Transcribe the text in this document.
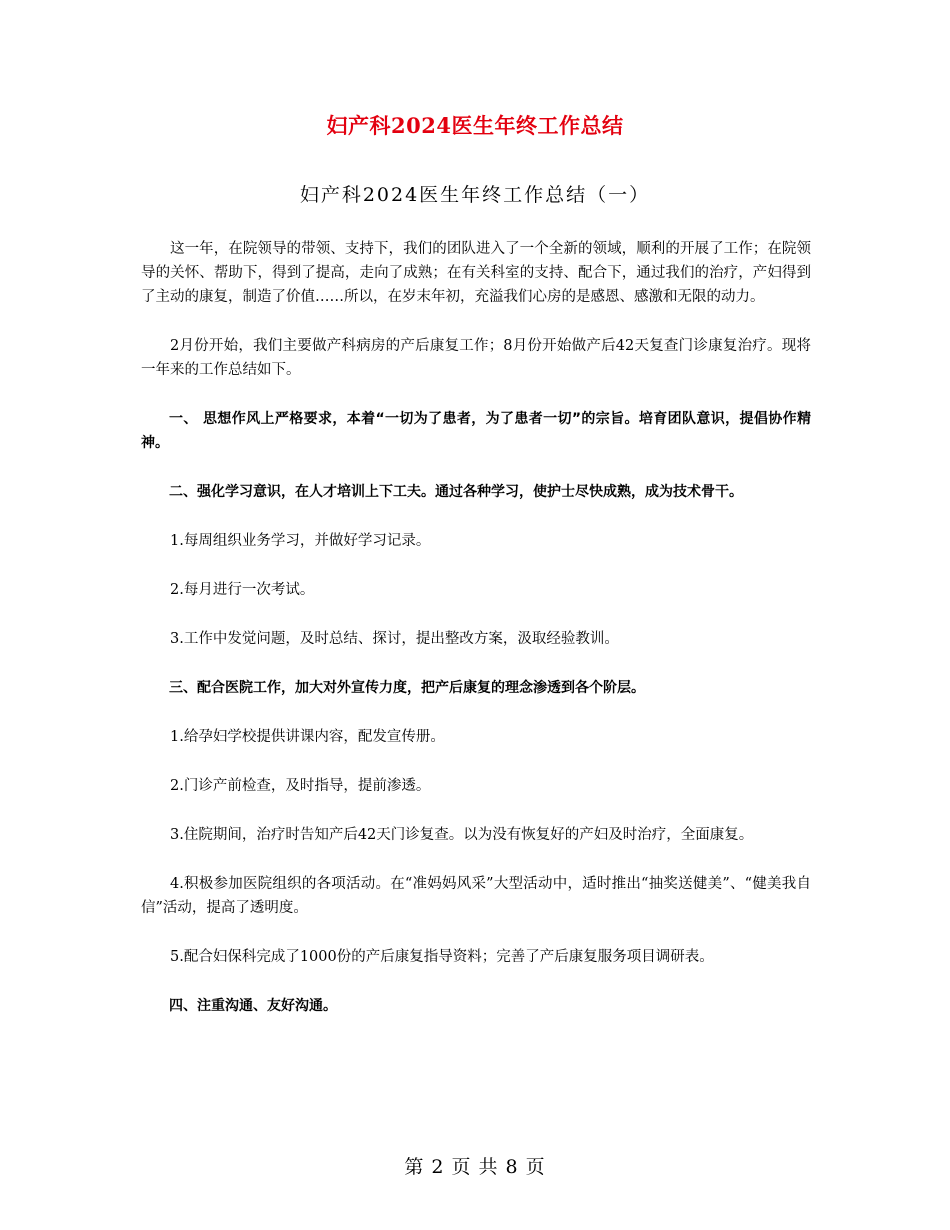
妇产科2024医生年终工作总结
妇产科2024医生年终工作总结（一）

这一年，在院领导的带领、支持下，我们的团队进入了一个全新的领域，顺利的开展了工作；在院领导的关怀、帮助下，得到了提高，走向了成熟；在有关科室的支持、配合下，通过我们的治疗，产妇得到了主动的康复，制造了价值……所以，在岁末年初，充溢我们心房的是感恩、感激和无限的动力。

2月份开始，我们主要做产科病房的产后康复工作；8月份开始做产后42天复查门诊康复治疗。现将一年来的工作总结如下。

一、 思想作风上严格要求，本着“一切为了患者，为了患者一切”的宗旨。培育团队意识，提倡协作精神。

二、强化学习意识，在人才培训上下工夫。通过各种学习，使护士尽快成熟，成为技术骨干。

1.每周组织业务学习，并做好学习记录。

2.每月进行一次考试。

3.工作中发觉问题，及时总结、探讨，提出整改方案，汲取经验教训。

三、配合医院工作，加大对外宣传力度，把产后康复的理念渗透到各个阶层。

1.给孕妇学校提供讲课内容，配发宣传册。

2.门诊产前检查，及时指导，提前渗透。

3.住院期间，治疗时告知产后42天门诊复查。以为没有恢复好的产妇及时治疗，全面康复。

4.积极参加医院组织的各项活动。在“准妈妈风采”大型活动中，适时推出“抽奖送健美”、“健美我自信”活动，提高了透明度。

5.配合妇保科完成了1000份的产后康复指导资料；完善了产后康复服务项目调研表。

四、注重沟通、友好沟通。

第 2 页 共 8 页
